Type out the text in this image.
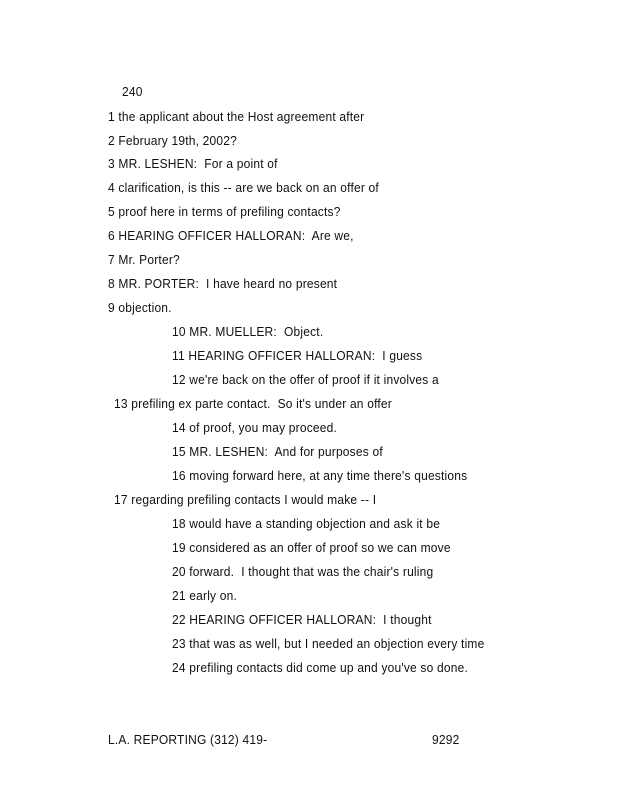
240
1 the applicant about the Host agreement after
2 February 19th, 2002?
3 MR. LESHEN:  For a point of
4 clarification, is this -- are we back on an offer of
5 proof here in terms of prefiling contacts?
6 HEARING OFFICER HALLORAN:  Are we,
7 Mr. Porter?
8 MR. PORTER:  I have heard no present
9 objection.
10 MR. MUELLER:  Object.
11 HEARING OFFICER HALLORAN:  I guess
12 we're back on the offer of proof if it involves a
13 prefiling ex parte contact.  So it's under an offer
14 of proof, you may proceed.
15 MR. LESHEN:  And for purposes of
16 moving forward here, at any time there's questions
17 regarding prefiling contacts I would make -- I
18 would have a standing objection and ask it be
19 considered as an offer of proof so we can move
20 forward.  I thought that was the chair's ruling
21 early on.
22 HEARING OFFICER HALLORAN:  I thought
23 that was as well, but I needed an objection every time
24 prefiling contacts did come up and you've so done.
L.A. REPORTING (312) 419-	9292
